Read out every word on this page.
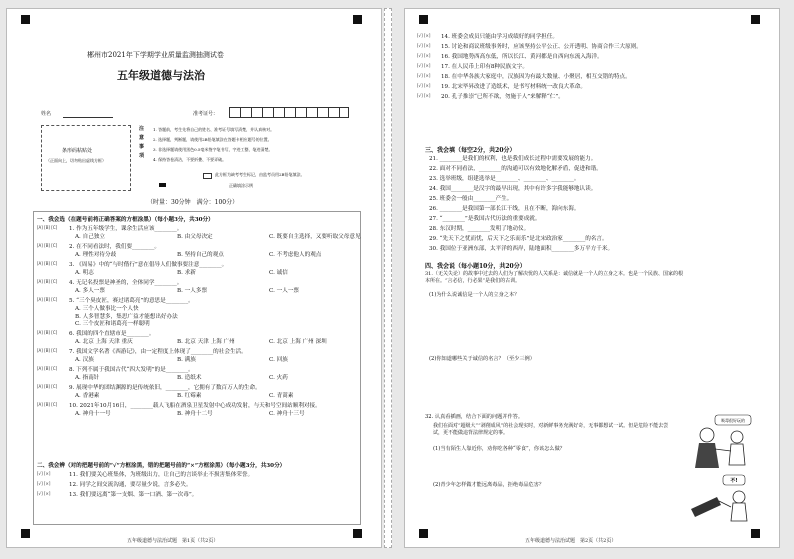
郴州市2021年下学期学业质量监测抽测试卷
五年级道德与法治
姓名	准考证号：
条形码粘贴处
（正面向上，切勿贴出虚线方框）
注意事项
1. 答题前，考生先将自己的姓名、准考证号填写清楚，并认真核对。
2. 选择题，判断题，请使用2B铅笔填涂在答题卡相应题号的位置。
3. 非选择题请使用黑色0.5毫米签字笔书写，字迹工整、笔迹清楚。
4. 保持答卷清洁，不要折叠、不要弄破。
此方框为缺考考生标记，由监考员用2B铅笔填涂。
正确填涂示例
（时量：30分钟　满分：100分）
一、我会选（在题号前将正确答案的方框涂黑）（每小题3分，共30分）
[A] [B] [C] 1. 作为五年级学生，课余生活应该________。
A. 自己独立	B. 由父母决定	C. 既要自主选择，又要听取父母意见
[A] [B] [C] 2. 在不同看法时，我们要________。
A. 理性对待分歧	B. 坚持自己的观点	C. 不考虑他人的观点
[A] [B] [C] 3. 《周易》中的“与时偕行”意在倡导人们做事要注意________。
A. 明志	B. 求新	C. 诚信
[A] [B] [C] 4. 无记名投票是神圣的，全体同学________。
A. 多人一票	B. 一人多票	C. 一人一票
[A] [B] [C] 5. “三个臭皮匠，赛过诸葛亮”的意思是________。
A. 三个人做事比一个人快
B. 人多智慧多，集思广益才能想出好办法
C. 三个皮匠和诸葛亮一样聪明
[A] [B] [C] 6. 我国的四个直辖市是________。
A. 北京 上海 天津 重庆	B. 北京 天津 上海 广州	C. 北京 上海 广州 深圳
[A] [B] [C] 7. 我国文学名著《西游记》，由一定程度上体现了________的社会生活。
A. 汉族	B. 满族	C. 回族
[A] [B] [C] 8. 下列不属于我国古代“四大发明”的是________。
A. 指南针	B. 造纸术	C. 火药
[A] [B] [C] 9. 展现中华的团结渊源的是传统依旧，________，它拥有了数百万人的生命。
A. 香港素	B. 红霉素	C. 青蒿素
[A] [B] [C] 10. 2021年10月16日，________载人飞船在酒泉卫星发射中心成功发射，与天和号空间站顺利对接。
A. 神舟十一号	B. 神舟十二号	C. 神舟十三号
二、我会辨（对的把题号前的“√”方框涂黑，错的把题号前的“×”方框涂黑）（每小题3分，共30分）
[√] [×]	11. 我们要关心班集体，为班级出力，让自己的言谈举止不损害集体荣誉。
[√] [×]	12. 同学之间交流沟通，要尽量少说，言多必失。
[√] [×]	13. 我们要远离“第一支烟、第一口酒、第一次毒”。
五年级道德与法治试题　第1页（共2页）
[√] [×] 14. 班委会成员只能由学习成绩好的同学担任。
[√] [×] 15. 讨论和商议班级事务时，应该坚持公平公正、公开透明、协商合作三大原则。
[√] [×] 16. 我国地势西高东低，所以长江、黄河都是自西向东流入海洋。
[√] [×] 17. 在人民币上印有8种民族文字。
[√] [×] 18. 在中华各族大家庭中，汉族因为有最大数量、小聚居，相互交错的特点。
[√] [×] 19. 北宋毕昇改进了造纸术，是书写材料统一改良大革命。
[√] [×] 20. 孔子推崇“已所不欲，勿施于人”来解释“仁”。
三、我会填（每空2分，共20分）
21. ________是我们的权利，也是我们成长过程中需要发展的能力。
22. 面对不同看法，________的沟通可以有效地化解矛盾，促进和谐。
23. 选举班级，组建选举是________、________、________。
24. 我国________是汉字的最早出现，其中有许多字我能够地认读。
25. 班委会一般由________产生。
26. ________是我国第一部长江干线，且在不断，海向东海。
27. “________”是我国古代历法的重要成就。
28. 东汉时期，________发明了地动仪。
29. “先天下之忧而忧，后天下之乐而乐”是北宋政治家________的名言。
30. 我国位于亚洲东部，太平洋的西岸，陆地面积________多万平方千米。
四、我会说（每小题10分，共20分）
31.（无关失论）的故事中过去的人们为了解决忧的人关系是：诚信就是一个人的立身之本。也是一个民族、国家的根本所在。“言必信，行必果”是我们的古训。
(1)为什么说诚信是一个人的立身之本？
(2)你知道哪些关于诚信的名言？（至少三例）
32. 认真看插画，结合下面的问题并作答。
我们在面对“超级大”“剥削成风”的社会现实时，对新鲜事务充满好奇，无事都想试一试。但是危险不能去尝试，更不能做违背法律规定的事。
(1)当有陌生人靠近你，劝你吃各种“零食”，你该怎么做？
(2)青少年怎样做才能远离毒品，拒绝毒品危害？
吸毒很好玩的
不!
五年级道德与法治试题　第2页（共2页）
